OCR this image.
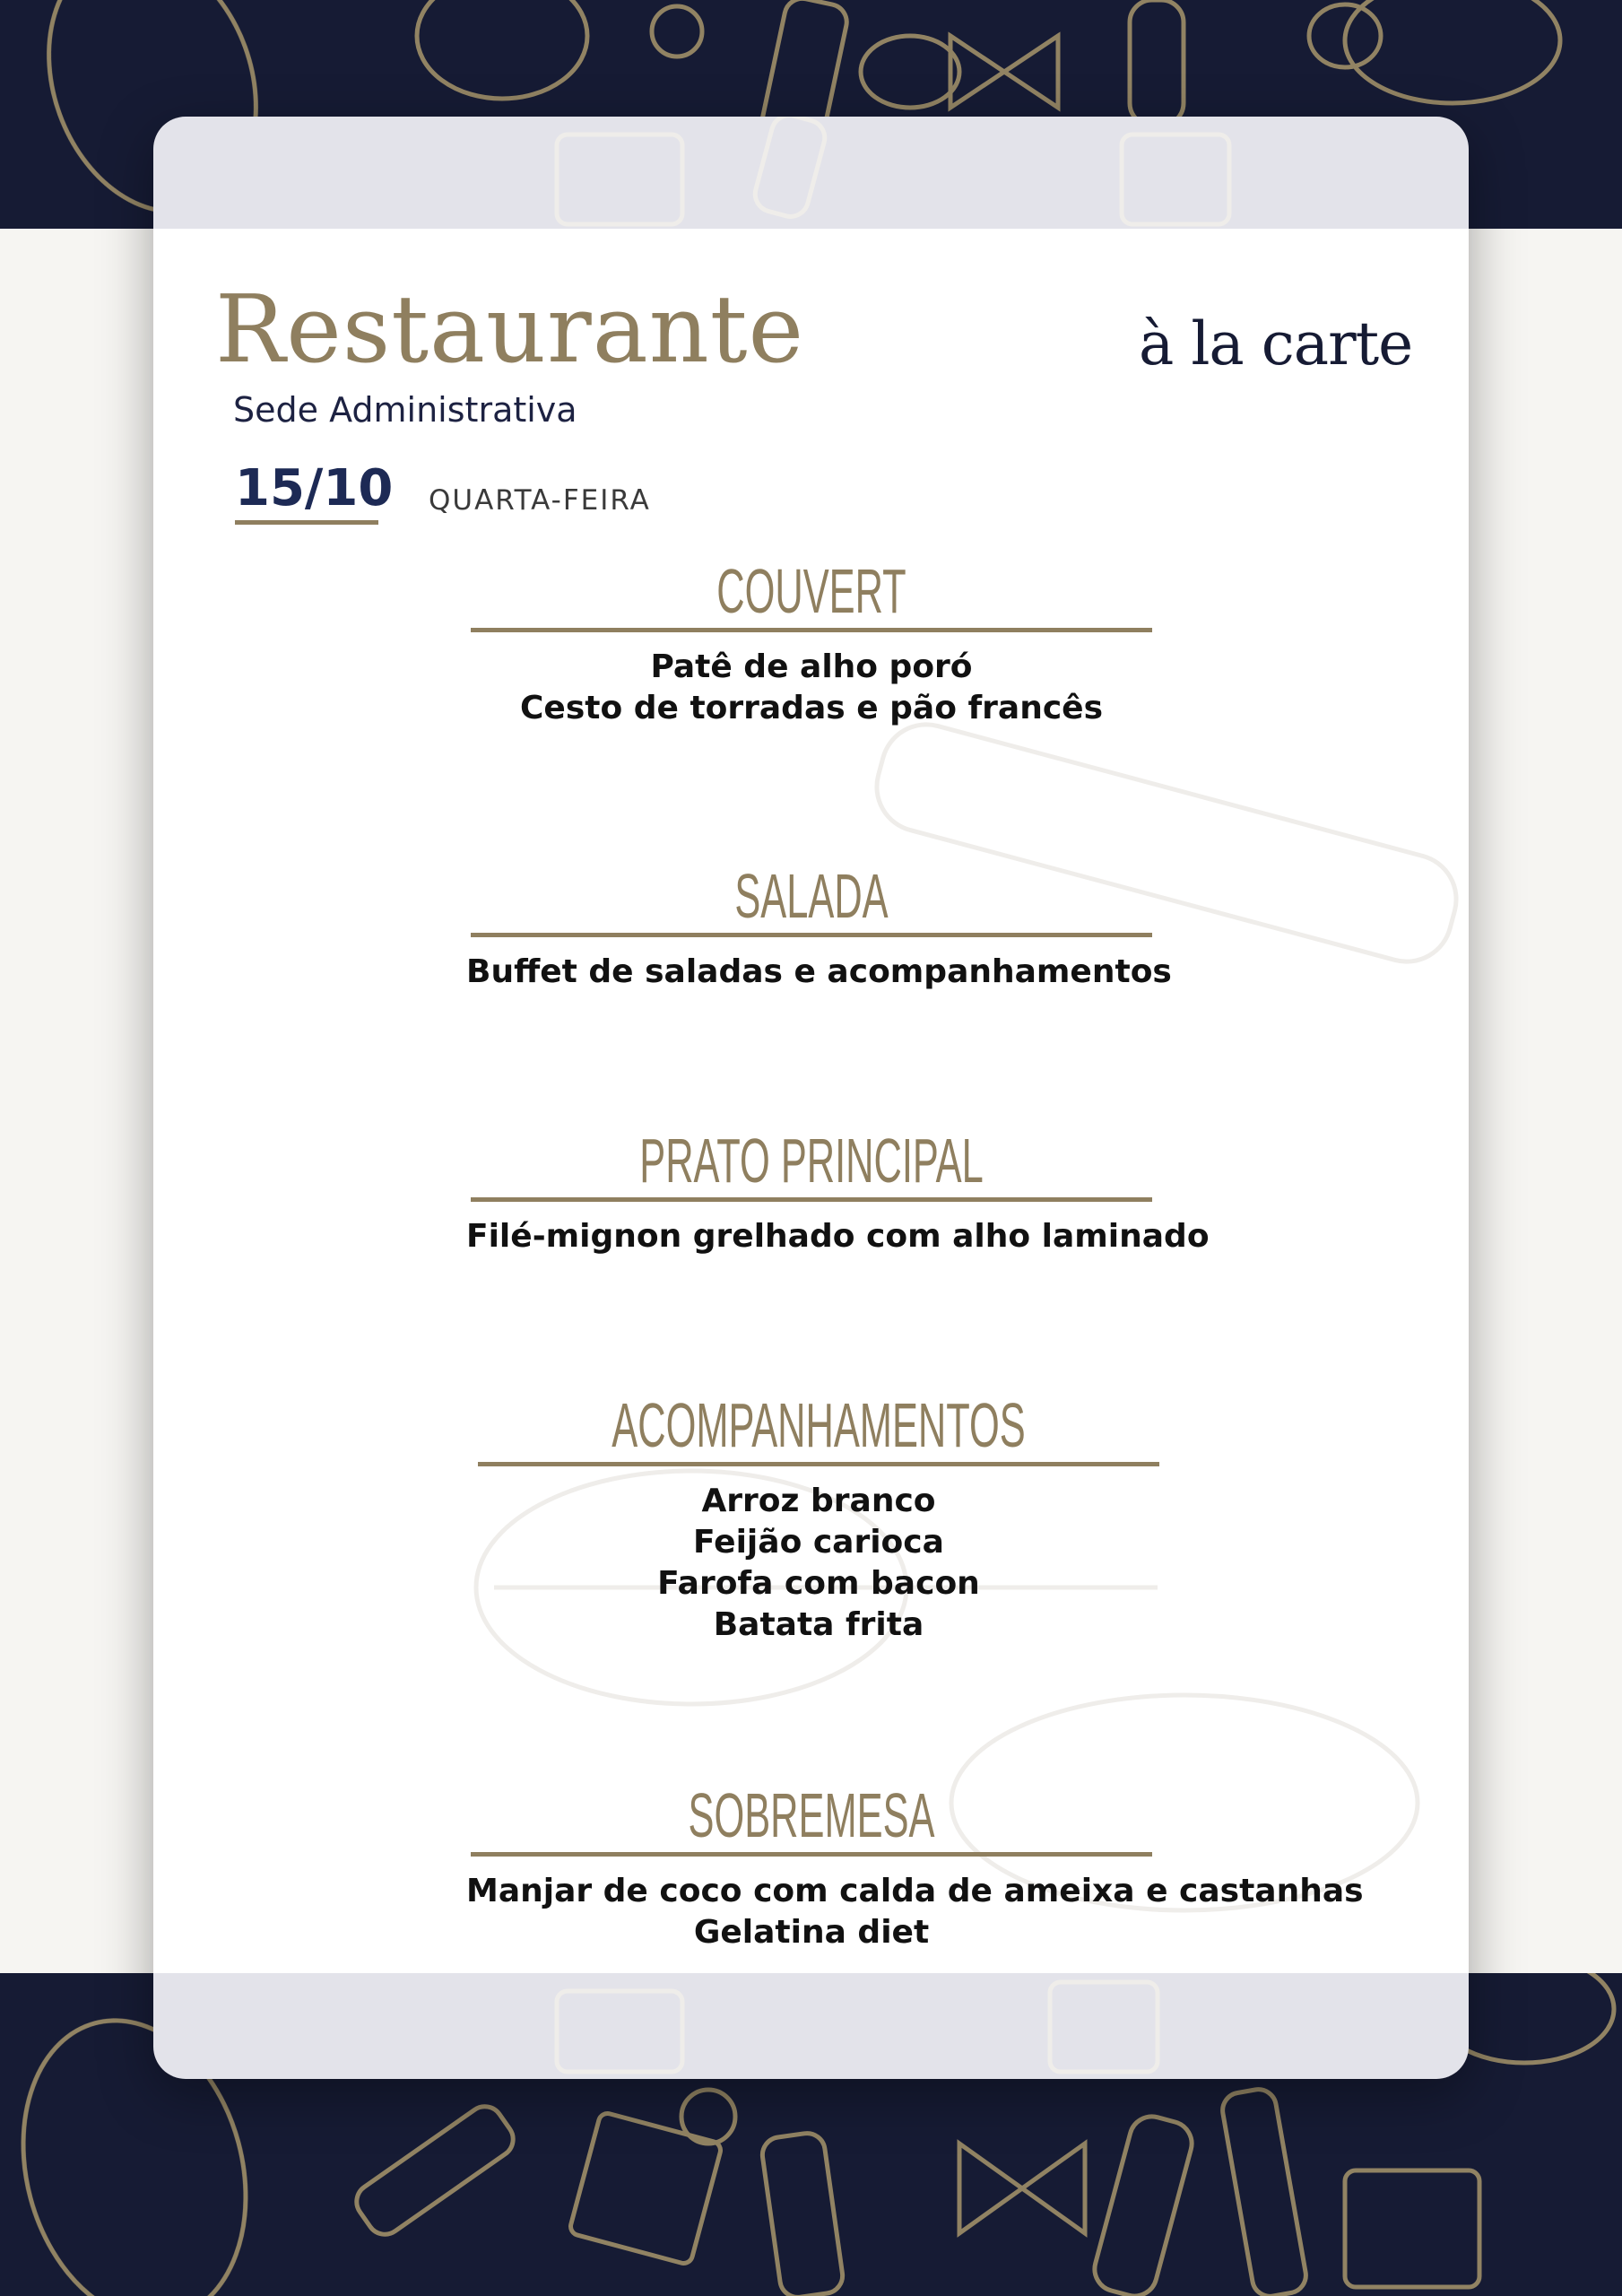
Restaurante

Sede Administrativa

à la carte

15/10 QUARTA-FEIRA

COUVERT
Patê de alho poró
Cesto de torradas e pão francês
SALADA
Buffet de saladas e acompanhamentos
PRATO PRINCIPAL
Filé-mignon grelhado com alho laminado
ACOMPANHAMENTOS
Arroz branco
Feijão carioca
Farofa com bacon
Batata frita
SOBREMESA
Manjar de coco com calda de ameixa e castanhas
Gelatina diet
